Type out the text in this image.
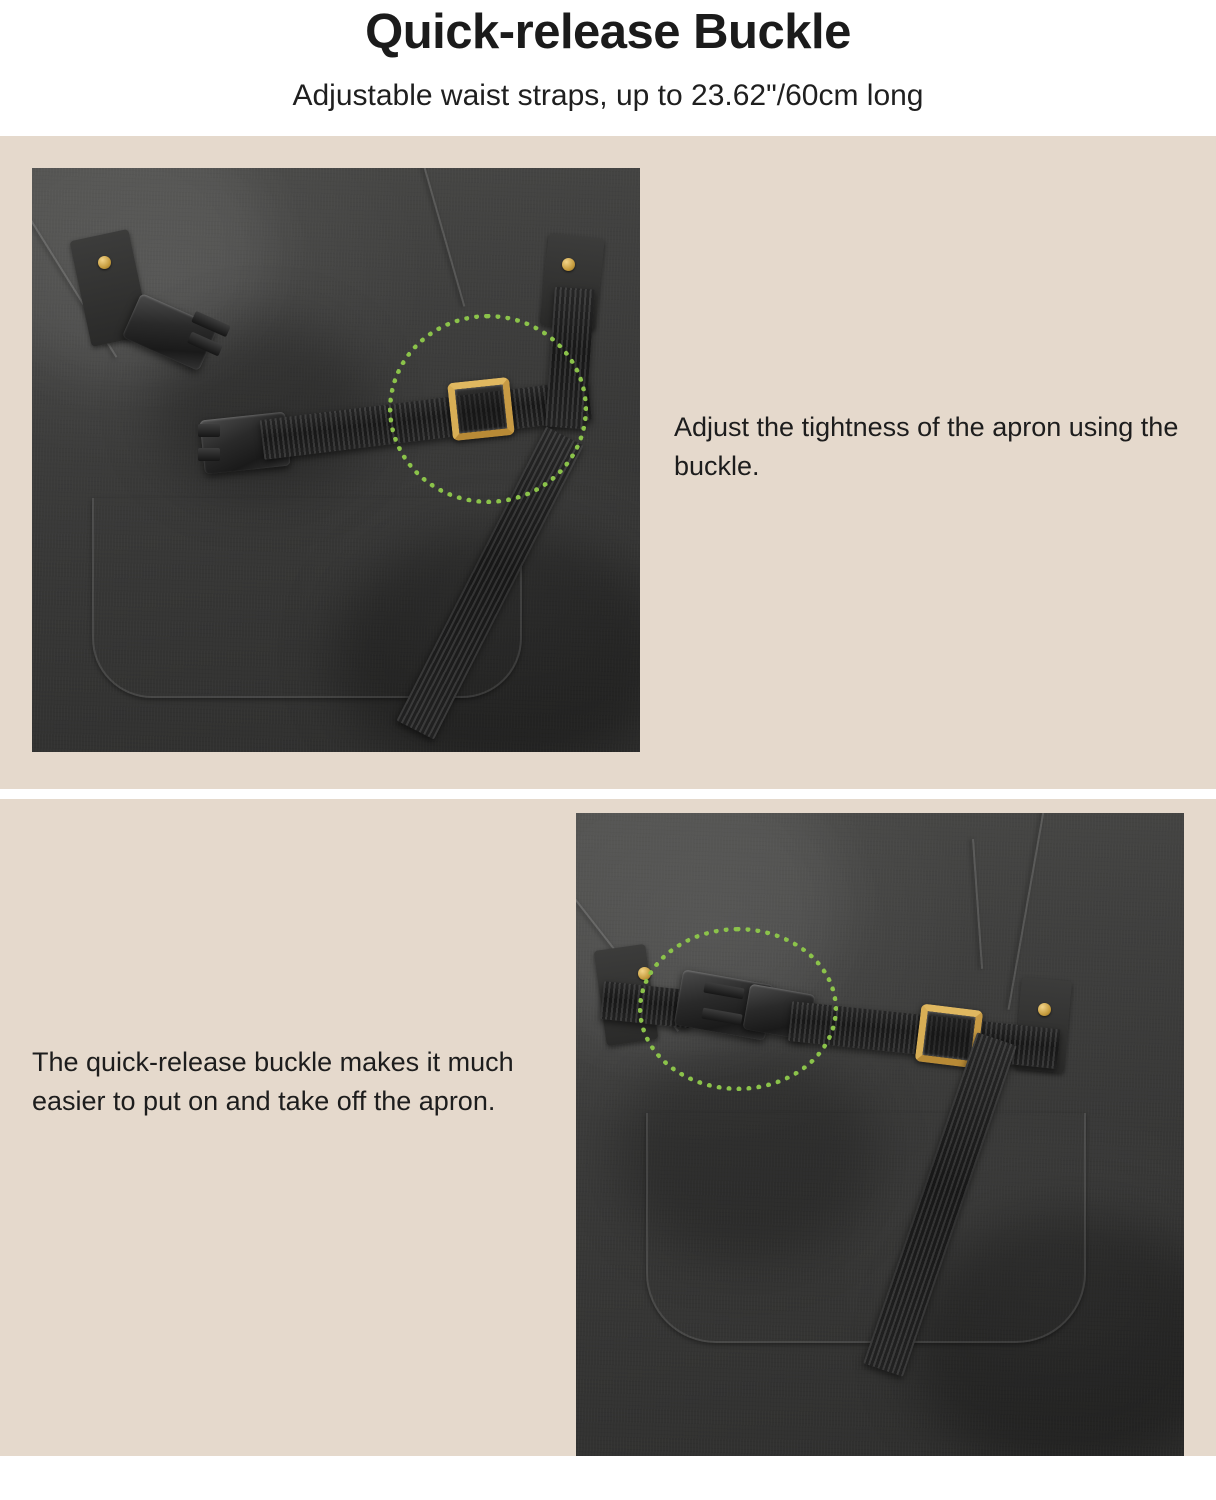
Quick-release Buckle
Adjustable waist straps, up to 23.62"/60cm long
Adjust the tightness of the apron using the buckle.
The quick-release buckle makes it much easier to put on and take off the apron.
